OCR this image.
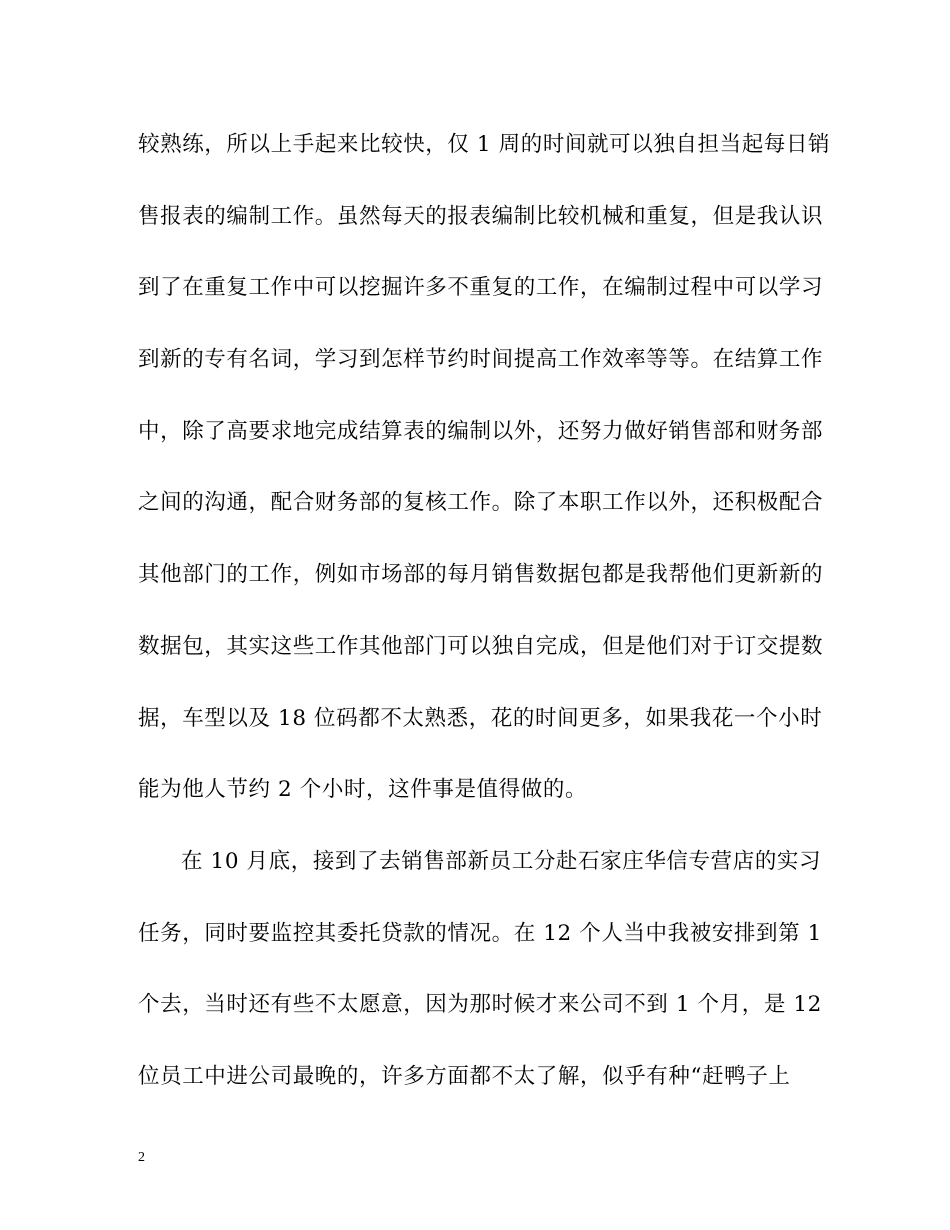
较熟练，所以上手起来比较快，仅 1 周的时间就可以独自担当起每日销
售报表的编制工作。虽然每天的报表编制比较机械和重复，但是我认识
到了在重复工作中可以挖掘许多不重复的工作，在编制过程中可以学习
到新的专有名词，学习到怎样节约时间提高工作效率等等。在结算工作
中，除了高要求地完成结算表的编制以外，还努力做好销售部和财务部
之间的沟通，配合财务部的复核工作。除了本职工作以外，还积极配合
其他部门的工作，例如市场部的每月销售数据包都是我帮他们更新新的
数据包，其实这些工作其他部门可以独自完成，但是他们对于订交提数
据，车型以及 18 位码都不太熟悉，花的时间更多，如果我花一个小时
能为他人节约 2 个小时，这件事是值得做的。
在 10 月底，接到了去销售部新员工分赴石家庄华信专营店的实习
任务，同时要监控其委托贷款的情况。在 12 个人当中我被安排到第 1
个去，当时还有些不太愿意，因为那时候才来公司不到 1 个月，是 12
位员工中进公司最晚的，许多方面都不太了解，似乎有种“赶鸭子上
2
